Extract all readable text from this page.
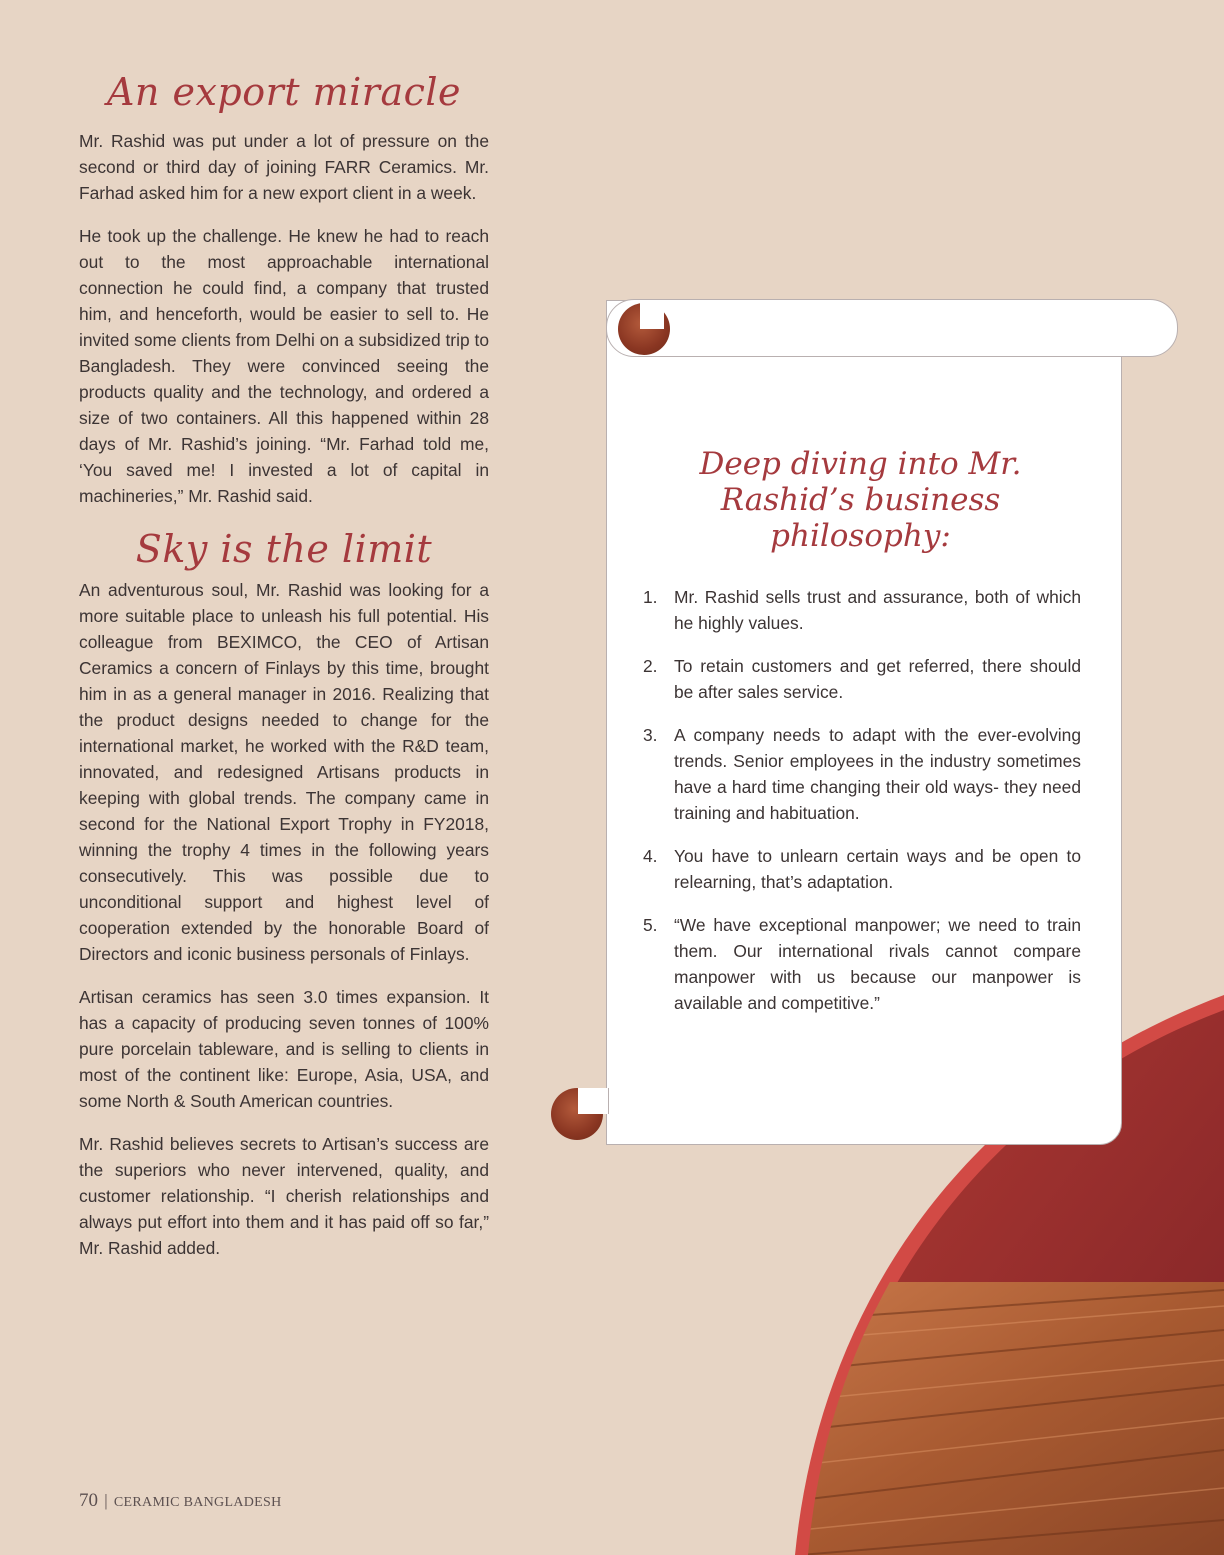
An export miracle

Mr. Rashid was put under a lot of pressure on the second or third day of joining FARR Ceramics. Mr. Farhad asked him for a new export client in a week.

He took up the challenge. He knew he had to reach out to the most approachable international connection he could find, a company that trusted him, and henceforth, would be easier to sell to. He invited some clients from Delhi on a subsidized trip to Bangladesh. They were convinced seeing the products quality and the technology, and ordered a size of two containers. All this happened within 28 days of Mr. Rashid’s joining. “Mr. Farhad told me, ‘You saved me! I invested a lot of capital in machineries,” Mr. Rashid said.

Sky is the limit

An adventurous soul, Mr. Rashid was looking for a more suitable place to unleash his full potential. His colleague from BEXIMCO, the CEO of Artisan Ceramics a concern of Finlays by this time, brought him in as a general manager in 2016. Realizing that the product designs needed to change for the international market, he worked with the R&D team, innovated, and redesigned Artisans products in keeping with global trends. The company came in second for the National Export Trophy in FY2018, winning the trophy 4 times in the following years consecutively. This was possible due to unconditional support and highest level of cooperation extended by the honorable Board of Directors and iconic business personals of Finlays.

Artisan ceramics has seen 3.0 times expansion. It has a capacity of producing seven tonnes of 100% pure porcelain tableware, and is selling to clients in most of the continent like: Europe, Asia, USA, and some North & South American countries.

Mr. Rashid believes secrets to Artisan’s success are the superiors who never intervened, quality, and customer relationship. “I cherish relationships and always put effort into them and it has paid off so far,” Mr. Rashid added.

Deep diving into Mr. Rashid’s business philosophy:
1. Mr. Rashid sells trust and assurance, both of which he highly values.
2. To retain customers and get referred, there should be after sales service.
3. A company needs to adapt with the ever-evolving trends. Senior employees in the industry sometimes have a hard time changing their old ways- they need training and habituation.
4. You have to unlearn certain ways and be open to relearning, that’s adaptation.
5. “We have exceptional manpower; we need to train them. Our international rivals cannot compare manpower with us because our manpower is available and competitive.”
70 | CERAMIC BANGLADESH
